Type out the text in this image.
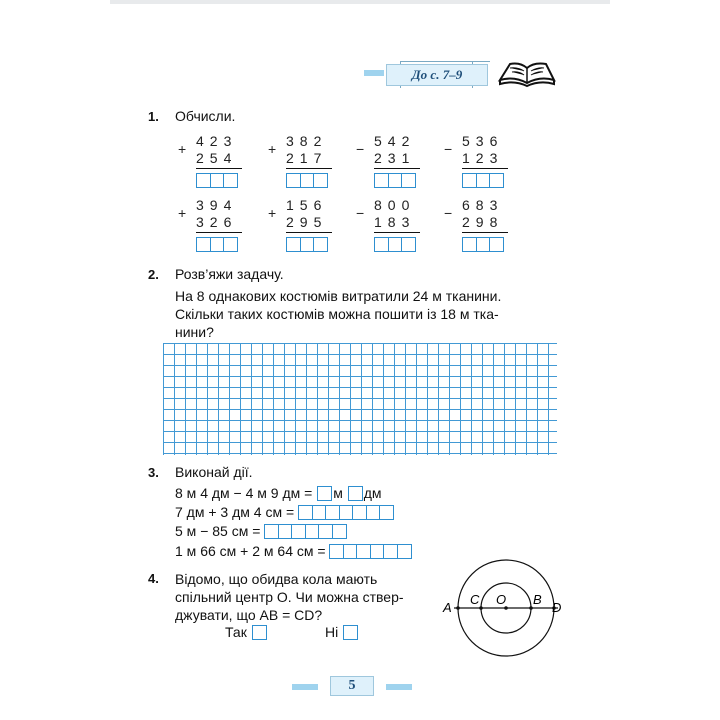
До с. 7–9
1. Обчисли.
+ 423
254
+ 382
217
− 542
231
− 536
123
+ 394
326
+ 156
295
− 800
183
− 683
298
2. Розв’яжи задачу.
На 8 однакових костюмів витратили 24 м тканини.
Скільки таких костюмів можна пошити із 18 м тка-
нини?
3. Виконай дії.
8 м 4 дм − 4 м 9 дм = м дм
7 дм + 3 дм 4 см =
5 м − 85 см =
1 м 66 см + 2 м 64 см =
4. Відомо, що обидва кола мають
спільний центр O. Чи можна ствер-
джувати, що AB = CD?
Так	Ні
A
C O B
D
5
